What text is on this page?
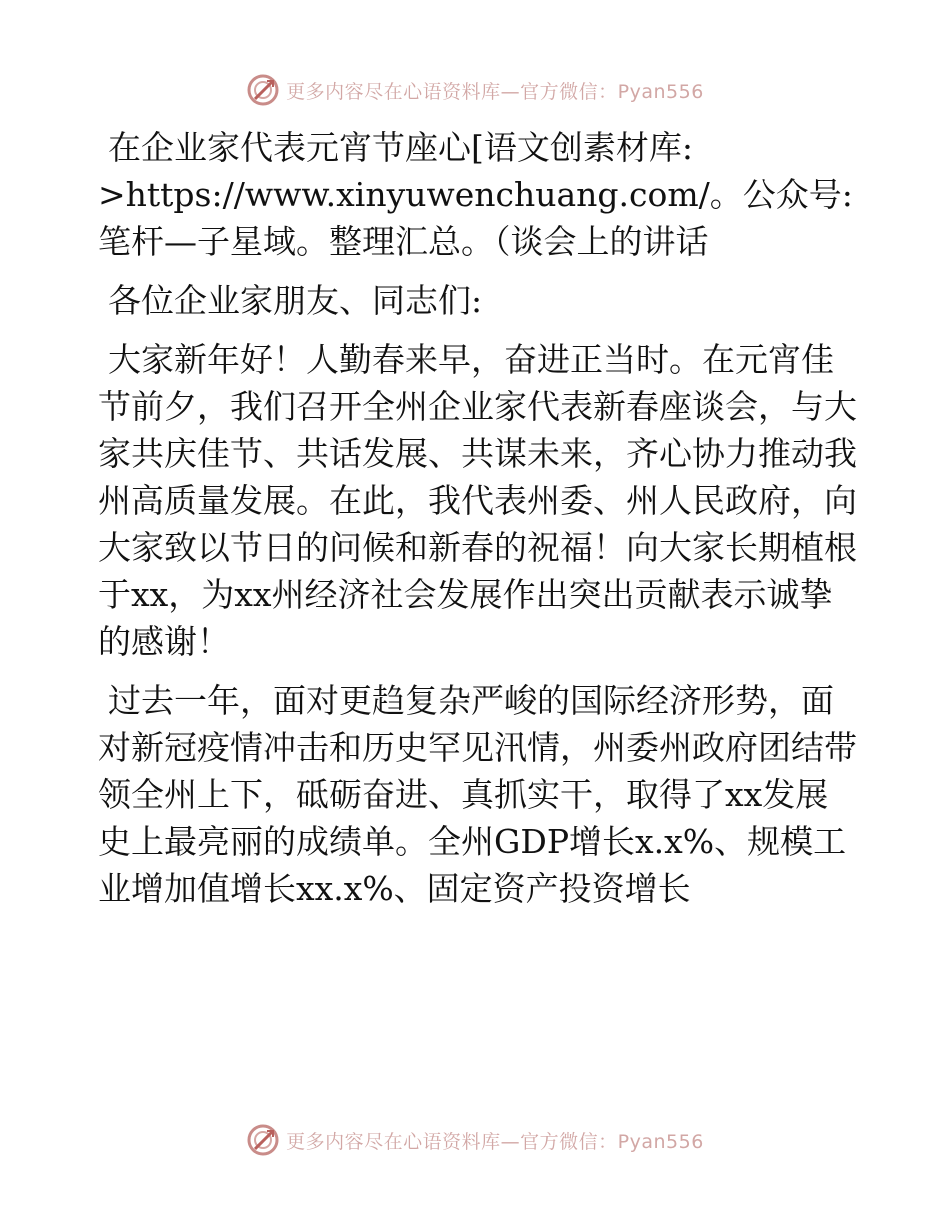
更多内容尽在心语资料库—官方微信：Pyan556

在企业家代表元宵节座心[语文创素材库: >https://www.xinyuwenchuang.com/。公众号: 笔杆—子星域。整理汇总。（谈会上的讲话

各位企业家朋友、同志们:

大家新年好！人勤春来早，奋进正当时。在元宵佳节前夕，我们召开全州企业家代表新春座谈会，与大家共庆佳节、共话发展、共谋未来，齐心协力推动我州高质量发展。在此，我代表州委、州人民政府，向大家致以节日的问候和新春的祝福！向大家长期植根于xx，为xx州经济社会发展作出突出贡献表示诚挚的感谢！

过去一年，面对更趋复杂严峻的国际经济形势，面对新冠疫情冲击和历史罕见汛情，州委州政府团结带领全州上下，砥砺奋进、真抓实干，取得了xx发展史上最亮丽的成绩单。全州GDP增长x.x%、规模工业增加值增长xx.x%、固定资产投资增长

更多内容尽在心语资料库—官方微信：Pyan556
